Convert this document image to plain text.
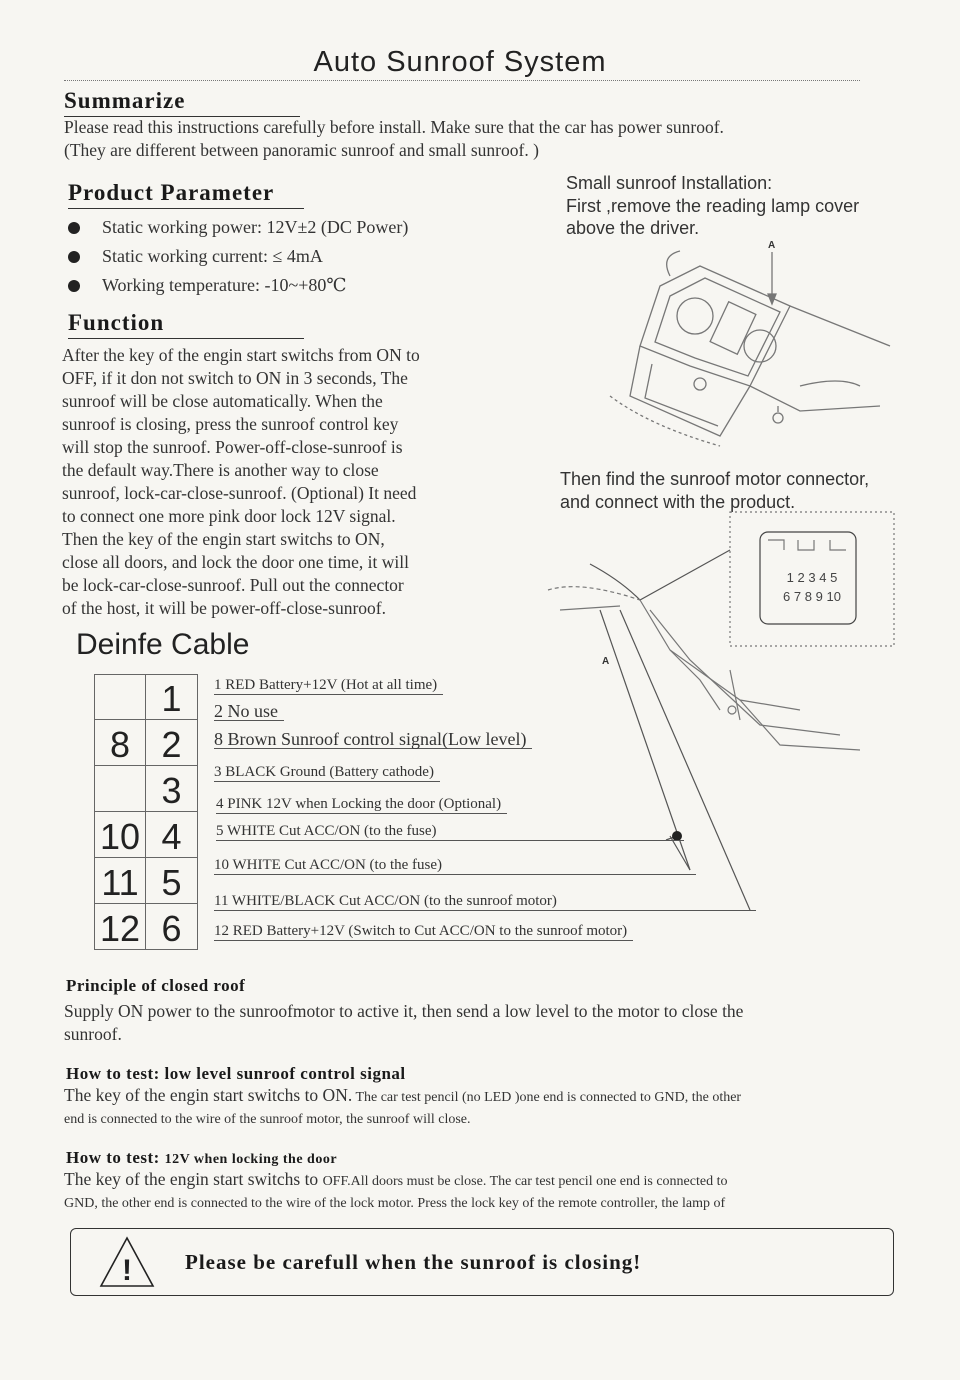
Auto Sunroof System
Summarize
Please read this instructions carefully before install. Make sure that the car has power sunroof.
(They are different between panoramic sunroof and small sunroof. )
Product Parameter
Static working power: 12V±2 (DC Power)
Static working current: ≤ 4mA
Working temperature: -10~+80℃
Function
After the key of the engin start switchs from ON to
OFF, if it don not switch to ON in 3 seconds, The
sunroof will be close automatically. When the
sunroof is closing, press the sunroof control key
will stop the sunroof. Power-off-close-sunroof is
the default way.There is another way to close
sunroof, lock-car-close-sunroof. (Optional) It need
to connect one more pink door lock 12V signal.
Then the key of the engin start switchs to ON,
close all doors, and lock the door one time, it will
be lock-car-close-sunroof. Pull out the connector
of the host, it will be power-off-close-sunroof.
Small sunroof Installation:
First ,remove the reading lamp cover
above the driver.
A
Then find the sunroof motor connector,
and connect with the product.
A
1 2 3 4 5
6 7 8 9 10
Deinfe Cable
1
8 2
3
10 4
11 5
12 6
1 RED Battery+12V (Hot at all time)
2 No use
8 Brown Sunroof control signal(Low level)
3 BLACK Ground (Battery cathode)
4 PINK 12V when Locking the door (Optional)
5 WHITE Cut ACC/ON (to the fuse)
10 WHITE Cut ACC/ON (to the fuse)
11 WHITE/BLACK Cut ACC/ON (to the sunroof motor)
12 RED Battery+12V (Switch to Cut ACC/ON to the sunroof motor)
Principle of closed roof
Supply ON power to the sunroofmotor to active it, then send a low level to the motor to close the
sunroof.
How to test: low level sunroof control signal
The key of the engin start switchs to ON. The car test pencil (no LED )one end is connected to GND, the other
end is connected to the wire of the sunroof motor, the sunroof will close.
How to test: 12V when locking the door
The key of the engin start switchs to OFF.All doors must be close. The car test pencil one end is connected to
GND, the other end is connected to the wire of the lock motor. Press the lock key of the remote controller, the lamp of
!	Please be carefull when the sunroof is closing!
